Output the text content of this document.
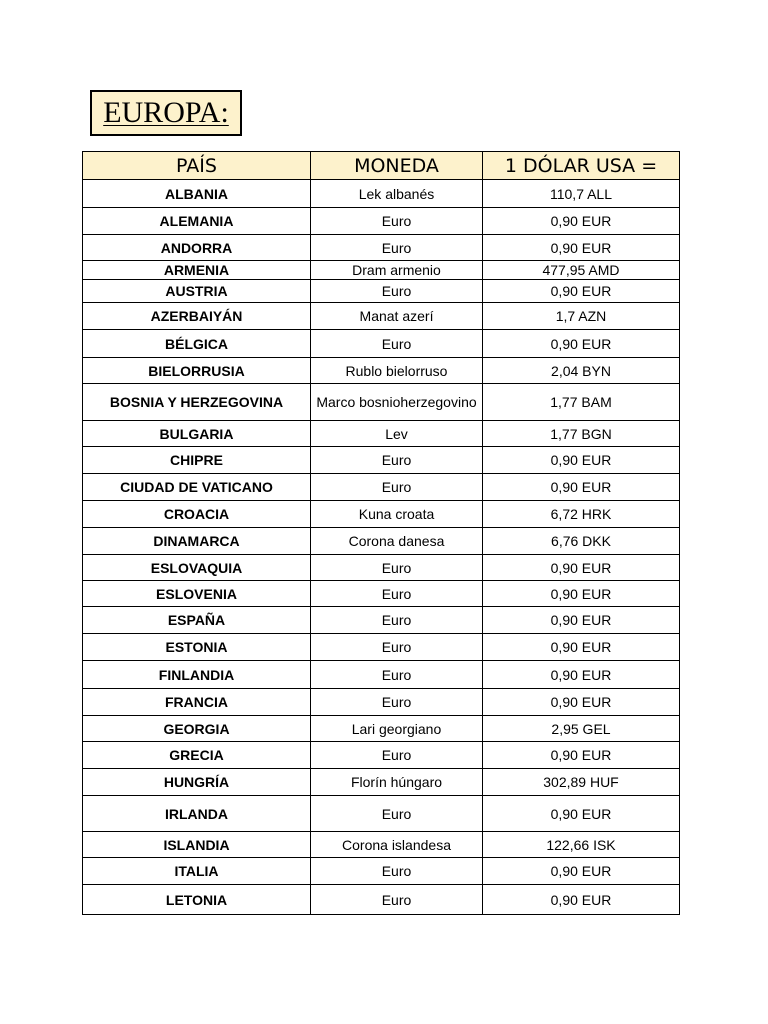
EUROPA:
PAÍS	MONEDA	1 DÓLAR USA =
ALBANIA	Lek albanés	110,7 ALL
ALEMANIA	Euro	0,90 EUR
ANDORRA	Euro	0,90 EUR
ARMENIA	Dram armenio	477,95 AMD
AUSTRIA	Euro	0,90 EUR
AZERBAIYÁN	Manat azerí	1,7 AZN
BÉLGICA	Euro	0,90 EUR
BIELORRUSIA	Rublo bielorruso	2,04 BYN
BOSNIA Y HERZEGOVINA	Marco bosnioherzegovino	1,77 BAM
BULGARIA	Lev	1,77 BGN
CHIPRE	Euro	0,90 EUR
CIUDAD DE VATICANO	Euro	0,90 EUR
CROACIA	Kuna croata	6,72 HRK
DINAMARCA	Corona danesa	6,76 DKK
ESLOVAQUIA	Euro	0,90 EUR
ESLOVENIA	Euro	0,90 EUR
ESPAÑA	Euro	0,90 EUR
ESTONIA	Euro	0,90 EUR
FINLANDIA	Euro	0,90 EUR
FRANCIA	Euro	0,90 EUR
GEORGIA	Lari georgiano	2,95 GEL
GRECIA	Euro	0,90 EUR
HUNGRÍA	Florín húngaro	302,89 HUF
IRLANDA	Euro	0,90 EUR
ISLANDIA	Corona islandesa	122,66 ISK
ITALIA	Euro	0,90 EUR
LETONIA	Euro	0,90 EUR
